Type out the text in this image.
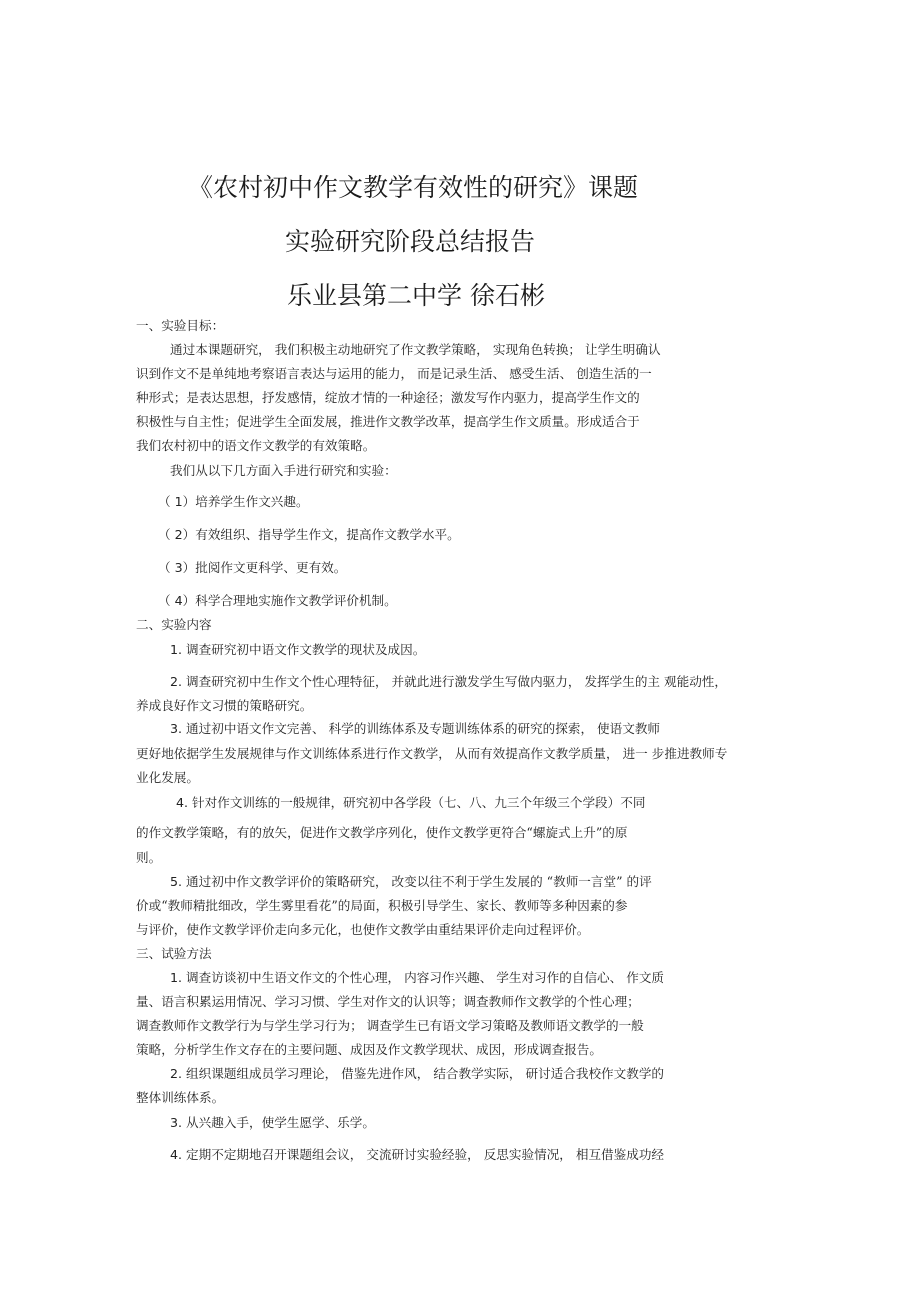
《农村初中作文教学有效性的研究》课题
实验研究阶段总结报告
乐业县第二中学 徐石彬
一、实验目标：
通过本课题研究， 我们积极主动地研究了作文教学策略， 实现角色转换； 让学生明确认
识到作文不是单纯地考察语言表达与运用的能力， 而是记录生活、 感受生活、 创造生活的一
种形式；是表达思想，抒发感情，绽放才情的一种途径；激发写作内驱力，提高学生作文的
积极性与自主性；促进学生全面发展，推进作文教学改革，提高学生作文质量。形成适合于
我们农村初中的语文作文教学的有效策略。
我们从以下几方面入手进行研究和实验：
（ 1）培养学生作文兴趣。
（ 2）有效组织、指导学生作文，提高作文教学水平。
（ 3）批阅作文更科学、更有效。
（ 4）科学合理地实施作文教学评价机制。
二、实验内容
1. 调查研究初中语文作文教学的现状及成因。
2. 调查研究初中生作文个性心理特征， 并就此进行激发学生写做内驱力， 发挥学生的主 观能动性，
养成良好作文习惯的策略研究。
3. 通过初中语文作文完善、 科学的训练体系及专题训练体系的研究的探索， 使语文教师
更好地依据学生发展规律与作文训练体系进行作文教学， 从而有效提高作文教学质量， 进一 步推进教师专
业化发展。
4. 针对作文训练的一般规律，研究初中各学段（七、八、九三个年级三个学段）不同
的作文教学策略，有的放矢，促进作文教学序列化，使作文教学更符合“螺旋式上升”的原
则。
5. 通过初中作文教学评价的策略研究， 改变以往不利于学生发展的 “教师一言堂” 的评
价或“教师精批细改，学生雾里看花”的局面，积极引导学生、家长、教师等多种因素的参
与评价，使作文教学评价走向多元化，也使作文教学由重结果评价走向过程评价。
三、试验方法
1. 调查访谈初中生语文作文的个性心理， 内容习作兴趣、 学生对习作的自信心、 作文质
量、语言积累运用情况、学习习惯、学生对作文的认识等；调查教师作文教学的个性心理；
调查教师作文教学行为与学生学习行为； 调查学生已有语文学习策略及教师语文教学的一般
策略，分析学生作文存在的主要问题、成因及作文教学现状、成因，形成调查报告。
2. 组织课题组成员学习理论， 借鉴先进作风， 结合教学实际， 研讨适合我校作文教学的
整体训练体系。
3. 从兴趣入手，使学生愿学、乐学。
4. 定期不定期地召开课题组会议， 交流研讨实验经验， 反思实验情况， 相互借鉴成功经
